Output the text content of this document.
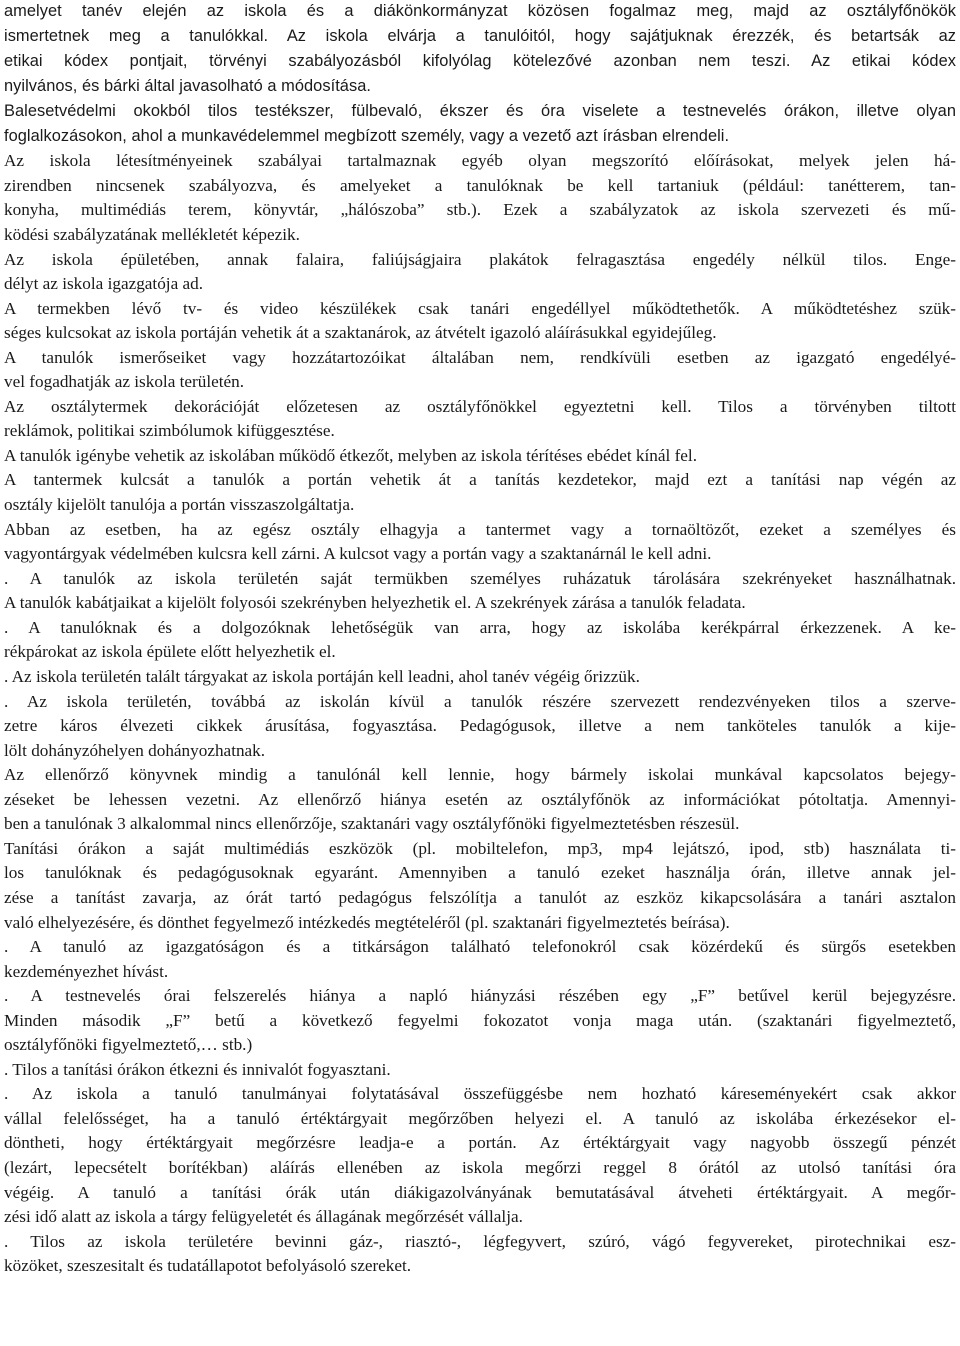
amelyet tanév elején az iskola és a diákönkormányzat közösen fogalmaz meg, majd az osztályfőnökök
ismertetnek meg a tanulókkal. Az iskola elvárja a tanulóitól, hogy sajátjuknak érezzék, és betartsák az
etikai kódex pontjait, törvényi szabályozásból kifolyólag kötelezővé azonban nem teszi. Az etikai kódex
nyilvános, és bárki által javasolható a módosítása.
Balesetvédelmi okokból tilos testékszer, fülbevaló, ékszer és óra viselete a testnevelés órákon, illetve olyan
foglalkozásokon, ahol a munkavédelemmel megbízott személy, vagy a vezető azt írásban elrendeli.
Az iskola létesítményeinek szabályai tartalmaznak egyéb olyan megszorító előírásokat, melyek jelen há-
zirendben nincsenek szabályozva, és amelyeket a tanulóknak be kell tartaniuk (például: tanétterem, tan-
konyha, multimédiás terem, könyvtár, „hálószoba” stb.). Ezek a szabályzatok az iskola szervezeti és mű-
ködési szabályzatának mellékletét képezik.
Az iskola épületében, annak falaira, faliújságjaira plakátok felragasztása engedély nélkül tilos. Enge-
délyt az iskola igazgatója ad.
A termekben lévő tv- és video készülékek csak tanári engedéllyel működtethetők. A működtetéshez szük-
séges kulcsokat az iskola portáján vehetik át a szaktanárok, az átvételt igazoló aláírásukkal egyidejűleg.
A tanulók ismerőseiket vagy hozzátartozóikat általában nem, rendkívüli esetben az igazgató engedélyé-
vel fogadhatják az iskola területén.
Az osztálytermek dekorációját előzetesen az osztályfőnökkel egyeztetni kell. Tilos a törvényben tiltott
reklámok, politikai szimbólumok kifüggesztése.
A tanulók igénybe vehetik az iskolában működő étkezőt, melyben az iskola térítéses ebédet kínál fel.
A tantermek kulcsát a tanulók a portán vehetik át a tanítás kezdetekor, majd ezt a tanítási nap végén az
osztály kijelölt tanulója a portán visszaszolgáltatja.
Abban az esetben, ha az egész osztály elhagyja a tantermet vagy a tornaöltözőt, ezeket a személyes és
vagyontárgyak védelmében kulcsra kell zárni. A kulcsot vagy a portán vagy a szaktanárnál le kell adni.
. A tanulók az iskola területén saját termükben személyes ruházatuk tárolására szekrényeket használhatnak.
A tanulók kabátjaikat a kijelölt folyosói szekrényben helyezhetik el. A szekrények zárása a tanulók feladata.
. A tanulóknak és a dolgozóknak lehetőségük van arra, hogy az iskolába kerékpárral érkezzenek. A ke-
rékpárokat az iskola épülete előtt helyezhetik el.
. Az iskola területén talált tárgyakat az iskola portáján kell leadni, ahol tanév végéig őrizzük.
. Az iskola területén, továbbá az iskolán kívül a tanulók részére szervezett rendezvényeken tilos a szerve-
zetre káros élvezeti cikkek árusítása, fogyasztása. Pedagógusok, illetve a nem tanköteles tanulók a kije-
lölt dohányzóhelyen dohányozhatnak.
Az ellenőrző könyvnek mindig a tanulónál kell lennie, hogy bármely iskolai munkával kapcsolatos bejegy-
zéseket be lehessen vezetni. Az ellenőrző hiánya esetén az osztályfőnök az információkat pótoltatja. Amennyi-
ben a tanulónak 3 alkalommal nincs ellenőrzője, szaktanári vagy osztályfőnöki figyelmeztetésben részesül.
Tanítási órákon a saját multimédiás eszközök (pl. mobiltelefon, mp3, mp4 lejátszó, ipod, stb) használata ti-
los tanulóknak és pedagógusoknak egyaránt. Amennyiben a tanuló ezeket használja órán, illetve annak jel-
zése a tanítást zavarja, az órát tartó pedagógus felszólítja a tanulót az eszköz kikapcsolására a tanári asztalon
való elhelyezésére, és dönthet fegyelmező intézkedés megtételéről (pl. szaktanári figyelmeztetés beírása).
. A tanuló az igazgatóságon és a titkárságon található telefonokról csak közérdekű és sürgős esetekben
kezdeményezhet hívást.
. A testnevelés órai felszerelés hiánya a napló hiányzási részében egy „F” betűvel kerül bejegyzésre.
Minden második „F” betű a következő fegyelmi fokozatot vonja maga után. (szaktanári figyelmeztető,
osztályfőnöki figyelmeztető,… stb.)
. Tilos a tanítási órákon étkezni és innivalót fogyasztani.
. Az iskola a tanuló tanulmányai folytatásával összefüggésbe nem hozható káreseményekért csak akkor
vállal felelősséget, ha a tanuló értéktárgyait megőrzőben helyezi el. A tanuló az iskolába érkezésekor el-
döntheti, hogy értéktárgyait megőrzésre leadja-e a portán. Az értéktárgyait vagy nagyobb összegű pénzét
(lezárt, lepecsételt borítékban) aláírás ellenében az iskola megőrzi reggel 8 órától az utolsó tanítási óra
végéig. A tanuló a tanítási órák után diákigazolványának bemutatásával átveheti értéktárgyait. A megőr-
zési idő alatt az iskola a tárgy felügyeletét és állagának megőrzését vállalja.
. Tilos az iskola területére bevinni gáz-, riasztó-, légfegyvert, szúró, vágó fegyvereket, pirotechnikai esz-
közöket, szeszesitalt és tudatállapotot befolyásoló szereket.
